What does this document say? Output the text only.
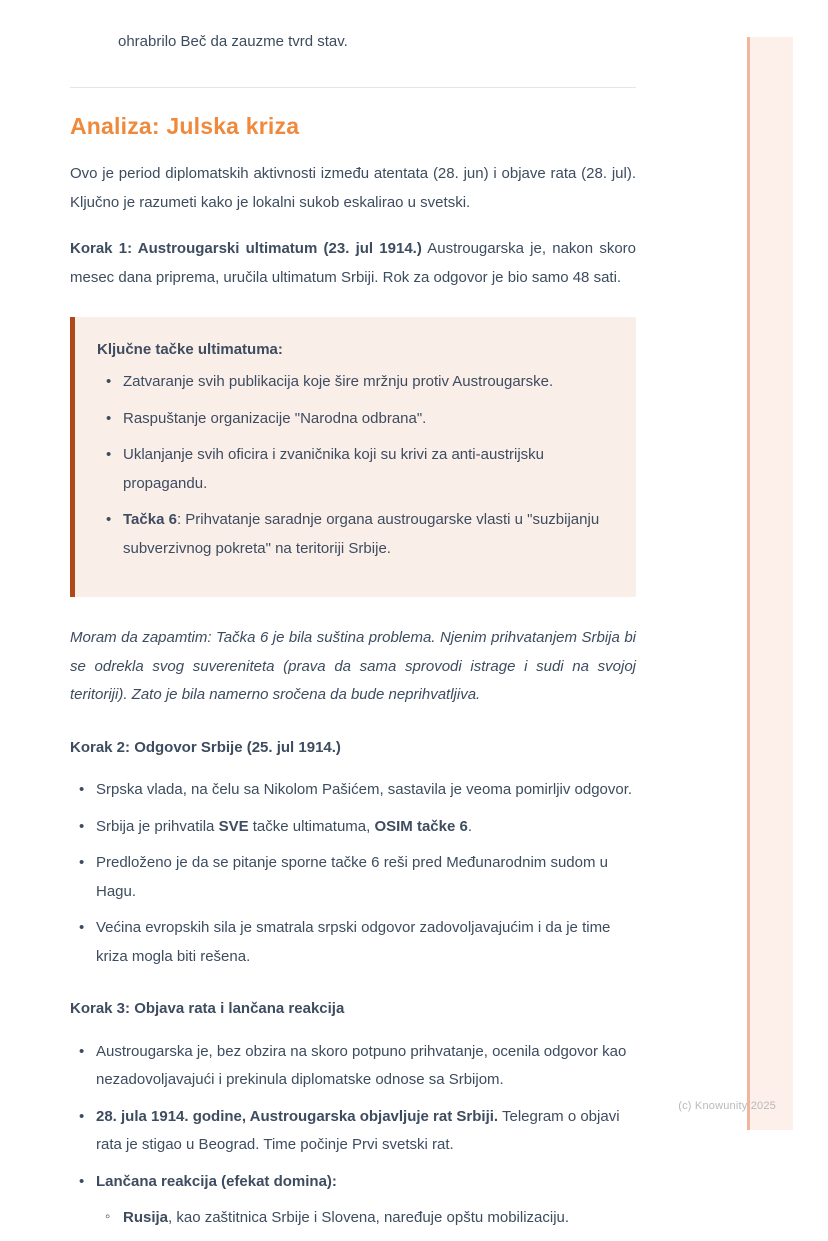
ohrabrilo Beč da zauzme tvrd stav.

Analiza: Julska kriza

Ovo je period diplomatskih aktivnosti između atentata (28. jun) i objave rata (28. jul). Ključno je razumeti kako je lokalni sukob eskalirao u svetski.

Korak 1: Austrougarski ultimatum (23. jul 1914.) Austrougarska je, nakon skoro mesec dana priprema, uručila ultimatum Srbiji. Rok za odgovor je bio samo 48 sati.

Ključne tačke ultimatuma:

• Zatvaranje svih publikacija koje šire mržnju protiv Austrougarske.
• Raspuštanje organizacije "Narodna odbrana".
• Uklanjanje svih oficira i zvaničnika koji su krivi za anti-austrijsku propagandu.
• Tačka 6: Prihvatanje saradnje organa austrougarske vlasti u "suzbijanju subverzivnog pokreta" na teritoriji Srbije.

Moram da zapamtim: Tačka 6 je bila suština problema. Njenim prihvatanjem Srbija bi se odrekla svog suvereniteta (prava da sama sprovodi istrage i sudi na svojoj teritoriji). Zato je bila namerno sročena da bude neprihvatljiva.

Korak 2: Odgovor Srbije (25. jul 1914.)

• Srpska vlada, na čelu sa Nikolom Pašićem, sastavila je veoma pomirljiv odgovor.
• Srbija je prihvatila SVE tačke ultimatuma, OSIM tačke 6.
• Predloženo je da se pitanje sporne tačke 6 reši pred Međunarodnim sudom u Hagu.
• Većina evropskih sila je smatrala srpski odgovor zadovoljavajućim i da je time kriza mogla biti rešena.

Korak 3: Objava rata i lančana reakcija

• Austrougarska je, bez obzira na skoro potpuno prihvatanje, ocenila odgovor kao nezadovoljavajući i prekinula diplomatske odnose sa Srbijom.
• 28. jula 1914. godine, Austrougarska objavljuje rat Srbiji. Telegram o objavi rata je stigao u Beograd. Time počinje Prvi svetski rat.
• Lančana reakcija (efekat domina):
◦ Rusija, kao zaštitnica Srbije i Slovena, naređuje opštu mobilizaciju.
(c) Knowunity 2025
